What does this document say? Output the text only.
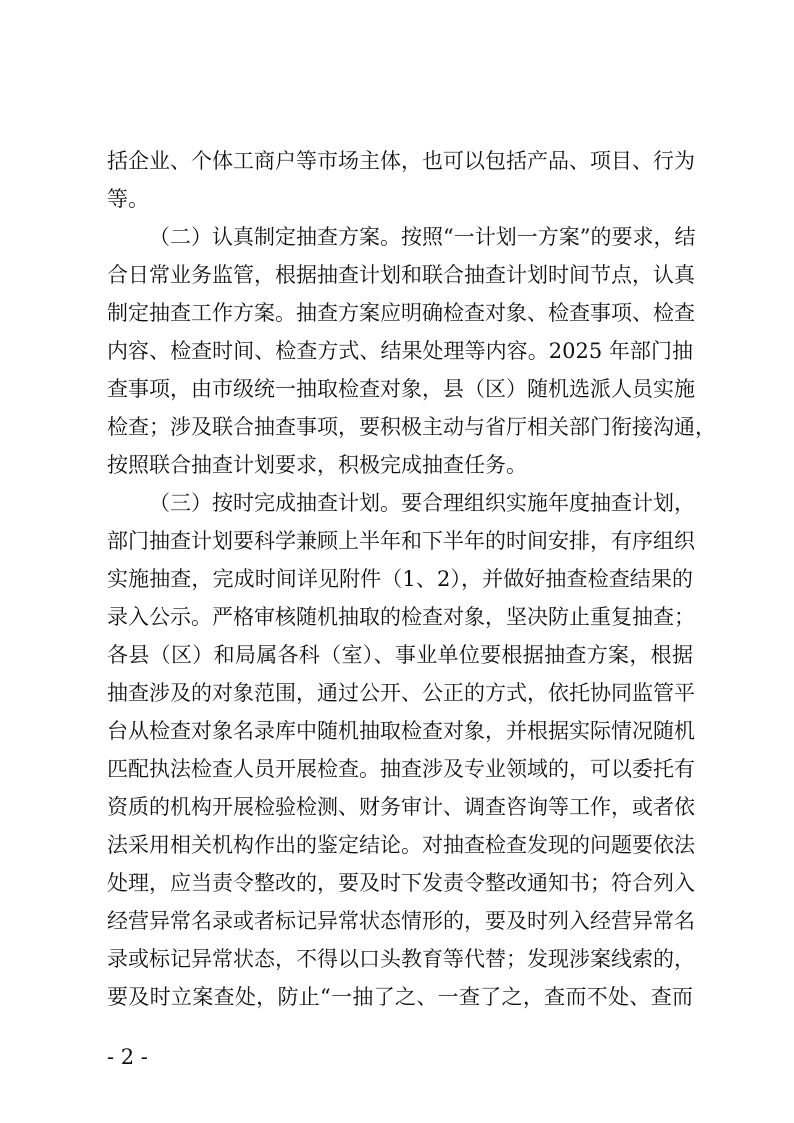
括企业、个体工商户等市场主体，也可以包括产品、项目、行为
等。
（二）认真制定抽查方案。按照“一计划一方案”的要求，结
合日常业务监管，根据抽查计划和联合抽查计划时间节点，认真
制定抽查工作方案。抽查方案应明确检查对象、检查事项、检查
内容、检查时间、检查方式、结果处理等内容。2025 年部门抽
查事项，由市级统一抽取检查对象，县（区）随机选派人员实施
检查；涉及联合抽查事项，要积极主动与省厅相关部门衔接沟通，
按照联合抽查计划要求，积极完成抽查任务。
（三）按时完成抽查计划。要合理组织实施年度抽查计划，
部门抽查计划要科学兼顾上半年和下半年的时间安排，有序组织
实施抽查，完成时间详见附件（1、2），并做好抽查检查结果的
录入公示。严格审核随机抽取的检查对象，坚决防止重复抽查；
各县（区）和局属各科（室）、事业单位要根据抽查方案，根据
抽查涉及的对象范围，通过公开、公正的方式，依托协同监管平
台从检查对象名录库中随机抽取检查对象，并根据实际情况随机
匹配执法检查人员开展检查。抽查涉及专业领域的，可以委托有
资质的机构开展检验检测、财务审计、调查咨询等工作，或者依
法采用相关机构作出的鉴定结论。对抽查检查发现的问题要依法
处理，应当责令整改的，要及时下发责令整改通知书；符合列入
经营异常名录或者标记异常状态情形的，要及时列入经营异常名
录或标记异常状态，不得以口头教育等代替；发现涉案线索的，
要及时立案查处，防止“一抽了之、一查了之，查而不处、查而
- 2 -
